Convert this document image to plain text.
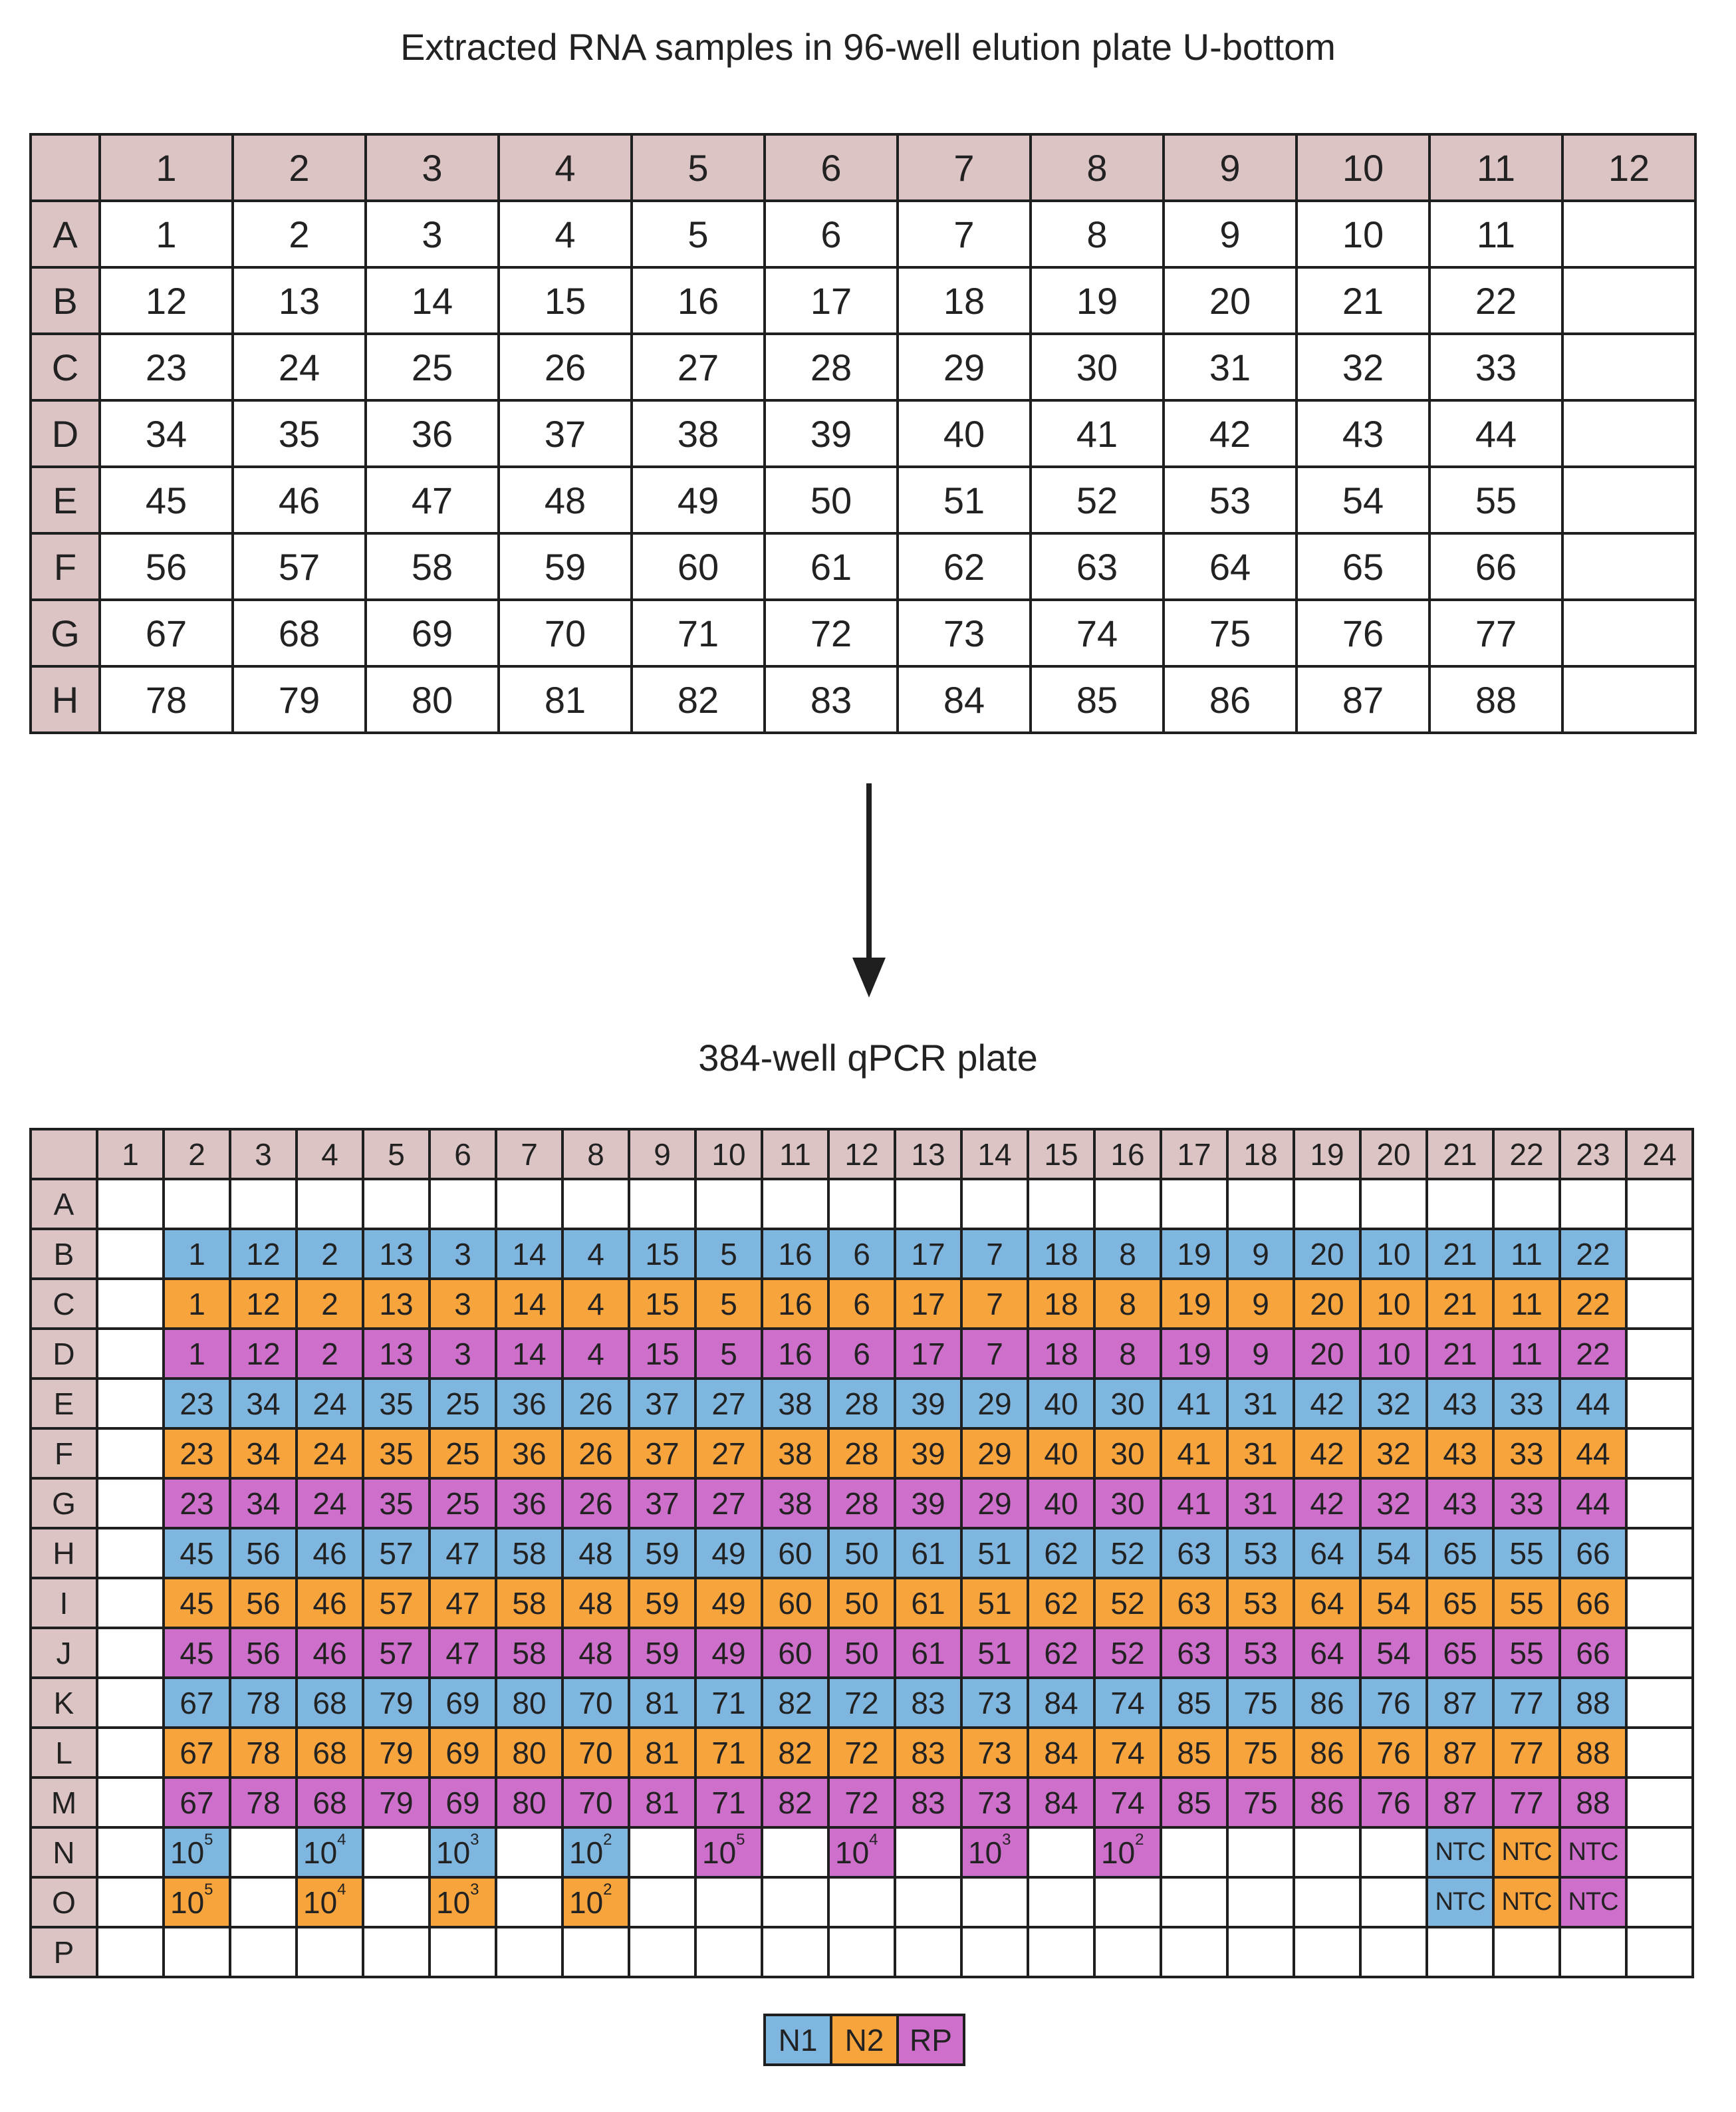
Extracted RNA samples in 96-well elution plate U-bottom
	1	2	3	4	5	6	7	8	9	10	11	12
A	1	2	3	4	5	6	7	8	9	10	11	
B	12	13	14	15	16	17	18	19	20	21	22	
C	23	24	25	26	27	28	29	30	31	32	33	
D	34	35	36	37	38	39	40	41	42	43	44	
E	45	46	47	48	49	50	51	52	53	54	55	
F	56	57	58	59	60	61	62	63	64	65	66	
G	67	68	69	70	71	72	73	74	75	76	77	
H	78	79	80	81	82	83	84	85	86	87	88	
384-well qPCR plate
	1	2	3	4	5	6	7	8	9	10	11	12	13	14	15	16	17	18	19	20	21	22	23	24
A																								
B		1	12	2	13	3	14	4	15	5	16	6	17	7	18	8	19	9	20	10	21	11	22	
C		1	12	2	13	3	14	4	15	5	16	6	17	7	18	8	19	9	20	10	21	11	22	
D		1	12	2	13	3	14	4	15	5	16	6	17	7	18	8	19	9	20	10	21	11	22	
E		23	34	24	35	25	36	26	37	27	38	28	39	29	40	30	41	31	42	32	43	33	44	
F		23	34	24	35	25	36	26	37	27	38	28	39	29	40	30	41	31	42	32	43	33	44	
G		23	34	24	35	25	36	26	37	27	38	28	39	29	40	30	41	31	42	32	43	33	44	
H		45	56	46	57	47	58	48	59	49	60	50	61	51	62	52	63	53	64	54	65	55	66	
I		45	56	46	57	47	58	48	59	49	60	50	61	51	62	52	63	53	64	54	65	55	66	
J		45	56	46	57	47	58	48	59	49	60	50	61	51	62	52	63	53	64	54	65	55	66	
K		67	78	68	79	69	80	70	81	71	82	72	83	73	84	74	85	75	86	76	87	77	88	
L		67	78	68	79	69	80	70	81	71	82	72	83	73	84	74	85	75	86	76	87	77	88	
M		67	78	68	79	69	80	70	81	71	82	72	83	73	84	74	85	75	86	76	87	77	88	
N		$10^5$		$10^4$		$10^3$		$10^2$		$10^5$		$10^4$		$10^3$		$10^2$					NTC	NTC	NTC	
O		$10^5$		$10^4$		$10^3$		$10^2$													NTC	NTC	NTC	
P																								
N1	N2	RP
